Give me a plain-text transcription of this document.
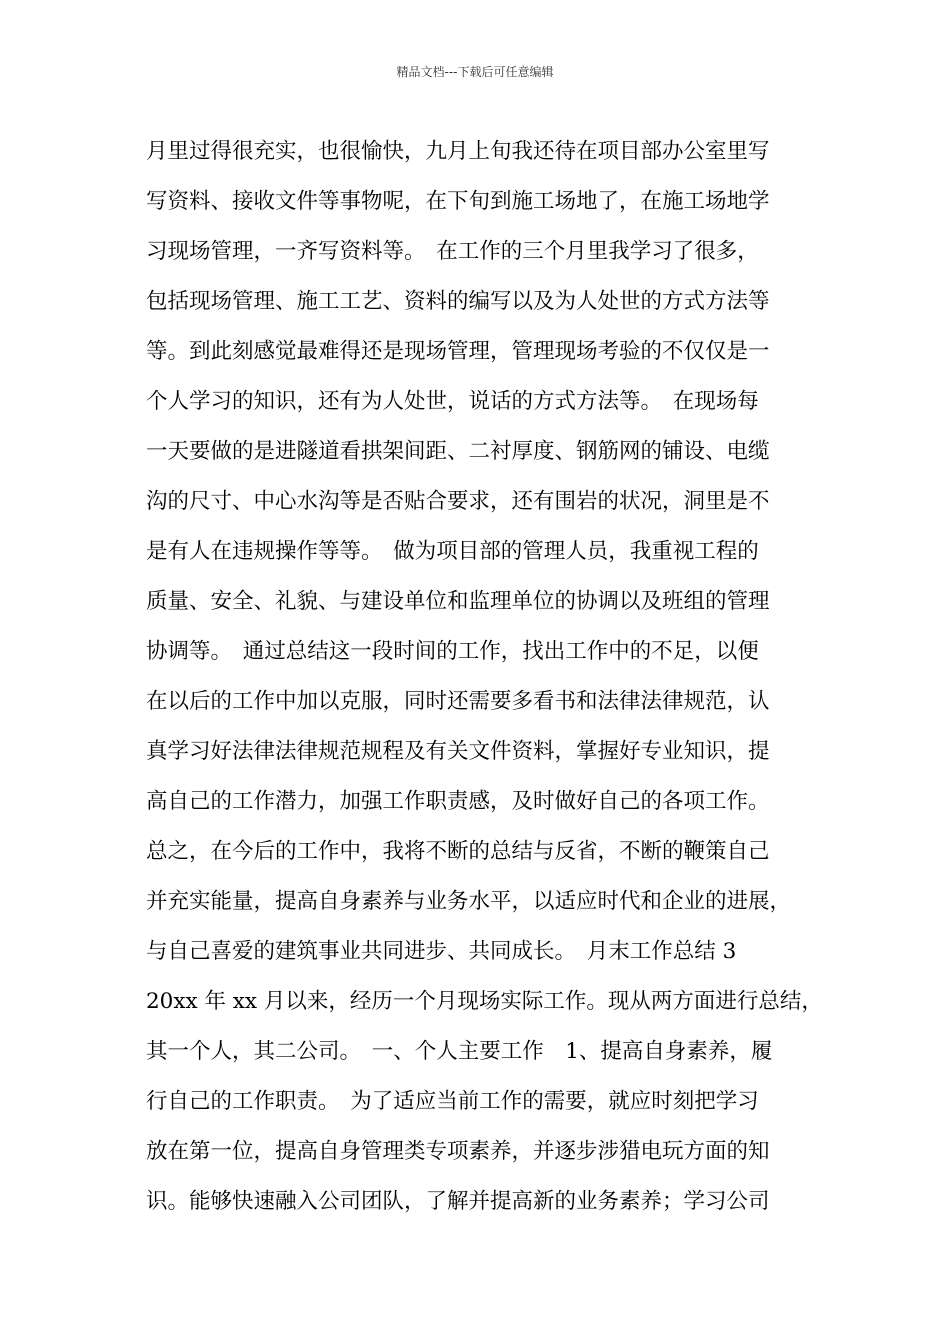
精品文档---下载后可任意编辑
月里过得很充实，也很愉快，九月上旬我还待在项目部办公室里写
写资料、接收文件等事物呢，在下旬到施工场地了，在施工场地学
习现场管理，一齐写资料等。　在工作的三个月里我学习了很多，
包括现场管理、施工工艺、资料的编写以及为人处世的方式方法等
等。到此刻感觉最难得还是现场管理，管理现场考验的不仅仅是一
个人学习的知识，还有为人处世，说话的方式方法等。　在现场每
一天要做的是进隧道看拱架间距、二衬厚度、钢筋网的铺设、电缆
沟的尺寸、中心水沟等是否贴合要求，还有围岩的状况，洞里是不
是有人在违规操作等等。　做为项目部的管理人员，我重视工程的
质量、安全、礼貌、与建设单位和监理单位的协调以及班组的管理
协调等。　通过总结这一段时间的工作，找出工作中的不足，以便
在以后的工作中加以克服，同时还需要多看书和法律法律规范，认
真学习好法律法律规范规程及有关文件资料，掌握好专业知识，提
高自己的工作潜力，加强工作职责感，及时做好自己的各项工作。
总之，在今后的工作中，我将不断的总结与反省，不断的鞭策自己
并充实能量，提高自身素养与业务水平，以适应时代和企业的进展，
与自己喜爱的建筑事业共同进步、共同成长。　月末工作总结 3
20xx 年 xx 月以来，经历一个月现场实际工作。现从两方面进行总结，
其一个人，其二公司。　一、个人主要工作　1、提高自身素养，履
行自己的工作职责。　为了适应当前工作的需要，就应时刻把学习
放在第一位，提高自身管理类专项素养，并逐步涉猎电玩方面的知
识。能够快速融入公司团队，了解并提高新的业务素养；学习公司
